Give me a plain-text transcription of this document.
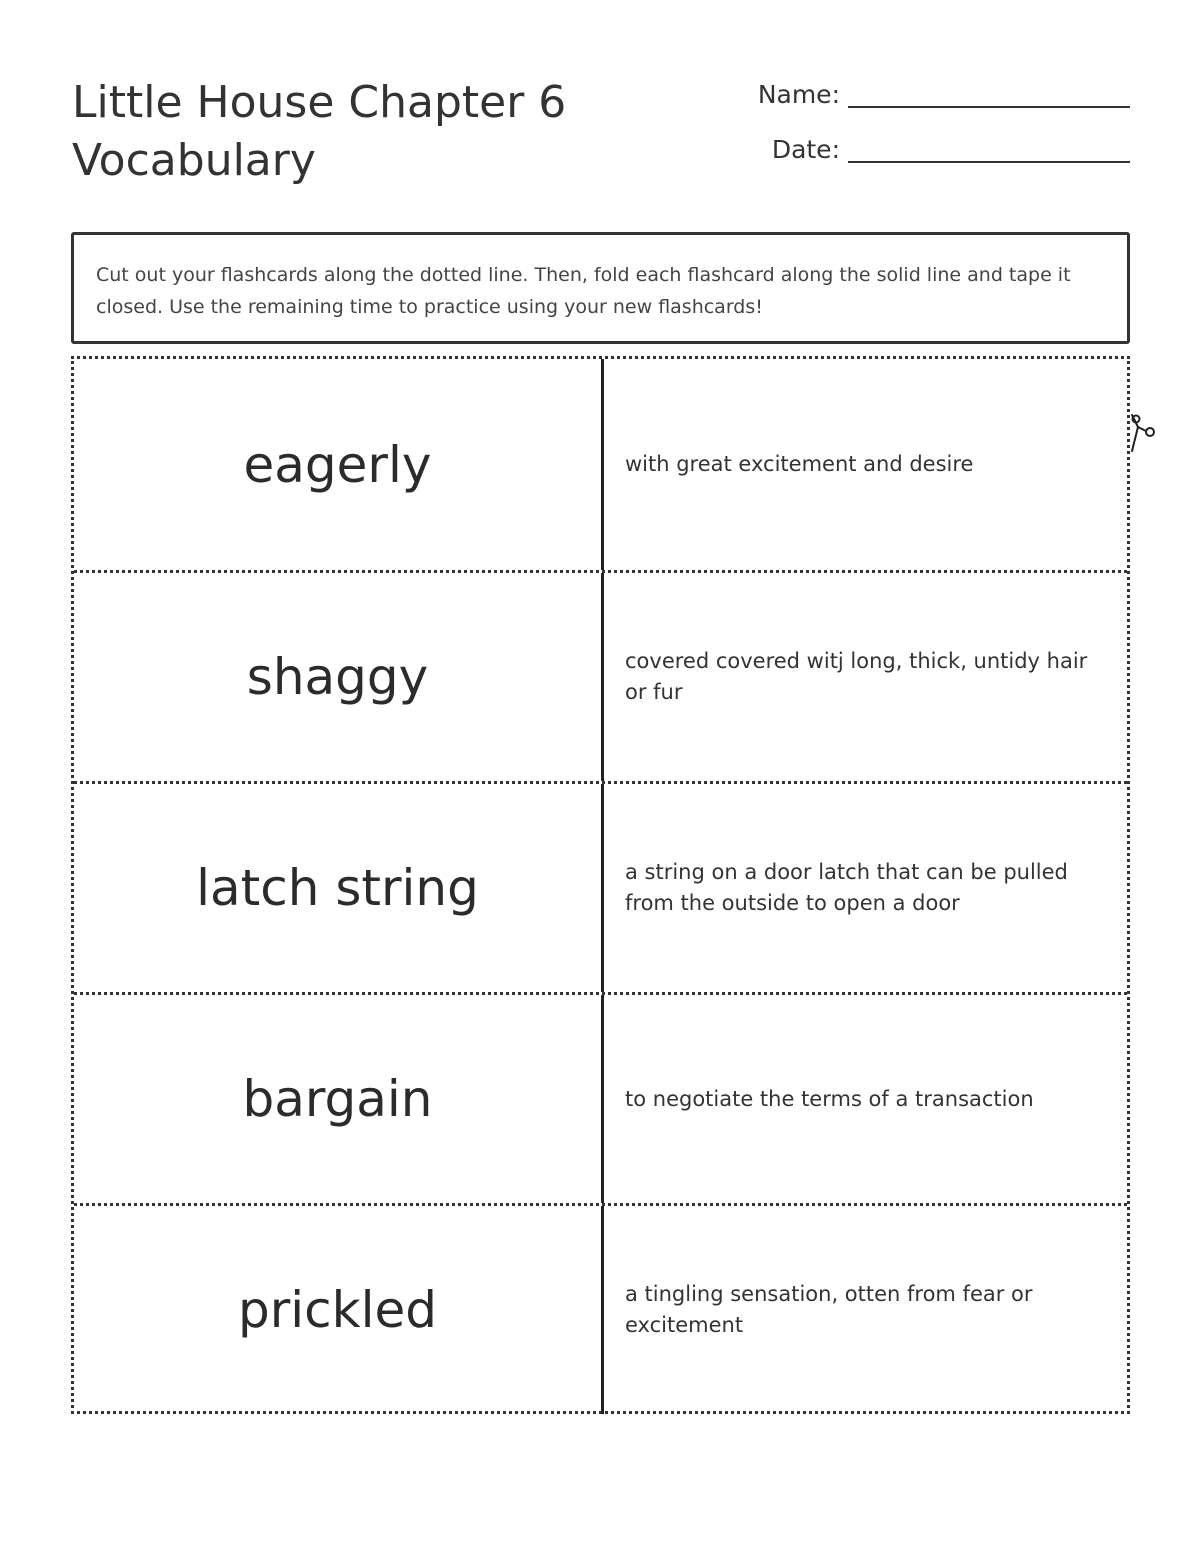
Little House Chapter 6
Vocabulary
Name:
Date:
Cut out your flashcards along the dotted line. Then, fold each flashcard along the solid line and tape it closed. Use the remaining time to practice using your new flashcards!
eagerly	with great excitement and desire
shaggy	covered covered witj long, thick, untidy hair or fur
latch string	a string on a door latch that can be pulled from the outside to open a door
bargain	to negotiate the terms of a transaction
prickled	a tingling sensation, otten from fear or excitement
